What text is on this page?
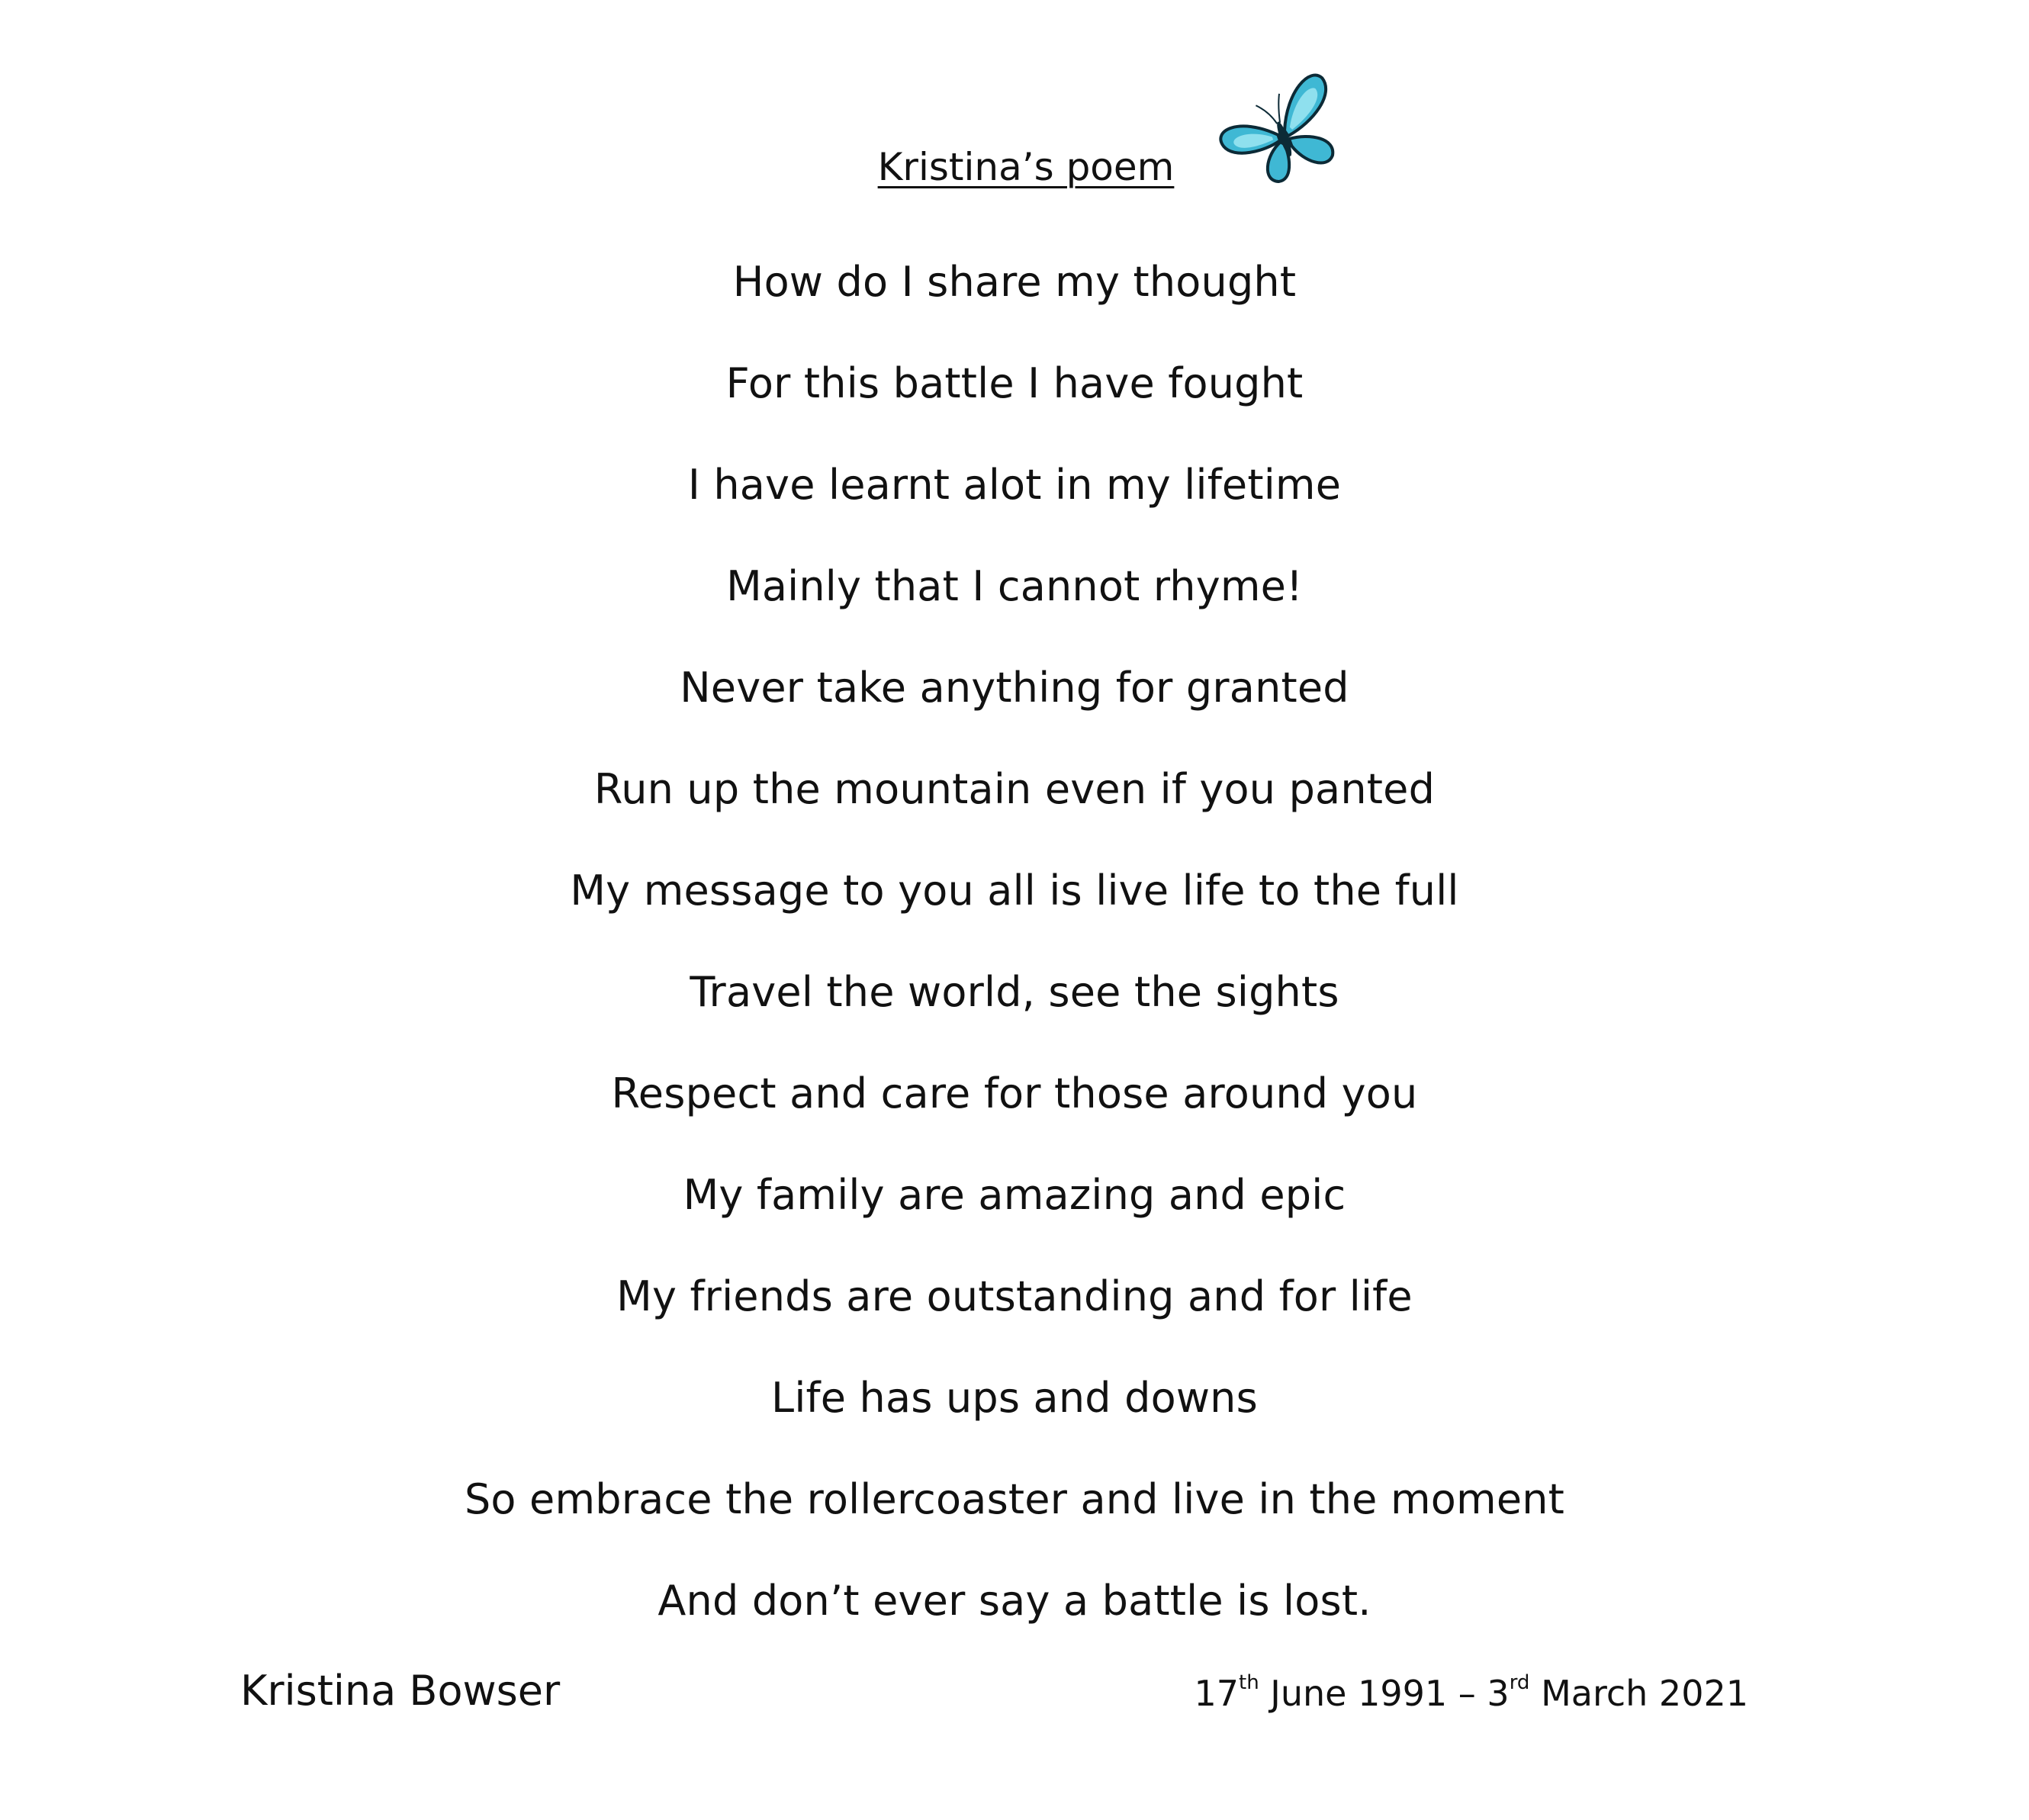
Kristina’s poem
How do I share my thought
For this battle I have fought
I have learnt alot in my lifetime
Mainly that I cannot rhyme!
Never take anything for granted
Run up the mountain even if you panted
My message to you all is live life to the full
Travel the world, see the sights
Respect and care for those around you
My family are amazing and epic
My friends are outstanding and for life
Life has ups and downs
So embrace the rollercoaster and live in the moment
And don’t ever say a battle is lost.
Kristina Bowser	17th June 1991 – 3rd March 2021
